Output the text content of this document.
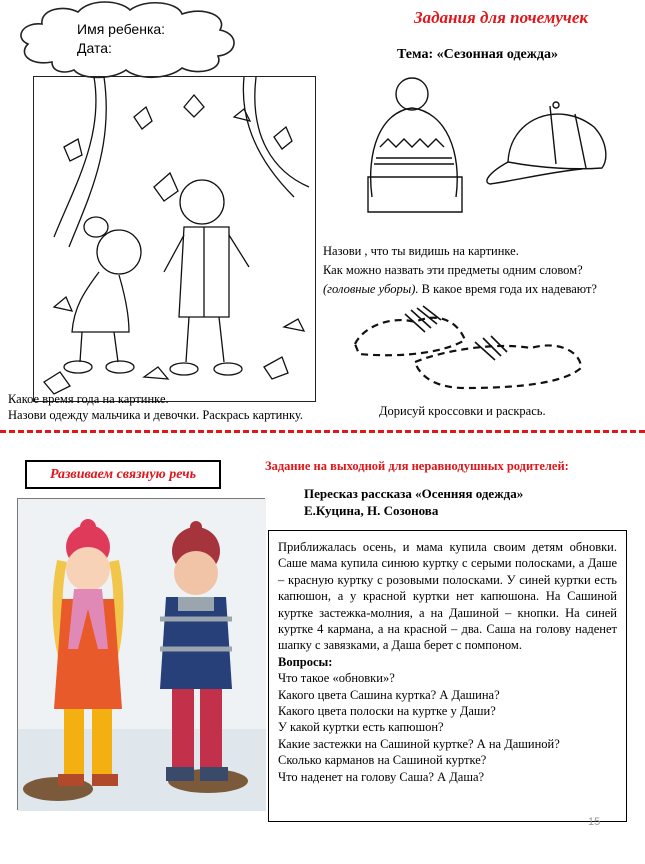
Имя ребенка:
Дата:
Задания для почемучек
Тема: «Сезонная одежда»
Назови , что ты видишь на картинке.
Как можно назвать эти предметы одним словом?
(головные уборы). В какое время года их надевают?
Какое время года на картинке.
Назови одежду мальчика и девочки. Раскрась картинку.	Дорисуй кроссовки и раскрась.
Развиваем связную речь
Задание на выходной для неравнодушных родителей:
Пересказ рассказа «Осенняя одежда»
Е.Куцина, Н. Созонова

Приближалась осень, и мама купила своим детям обновки. Саше мама купила синюю куртку с серыми полосками, а Даше – красную куртку с розовыми полосками. У синей куртки есть капюшон, а у красной куртки нет капюшона. На Сашиной куртке застежка-молния, а на Дашиной – кнопки. На синей куртке 4 кармана, а на красной – два. Саша на голову наденет шапку с завязками, а Даша берет с помпоном.

Вопросы:
Что такое «обновки»?
Какого цвета Сашина куртка? А Дашина?
Какого цвета полоски на куртке у Даши?
У какой куртки есть капюшон?
Какие застежки на Сашиной куртке? А на Дашиной?
Сколько карманов на Сашиной куртке?
Что наденет на голову Саша? А Даша?
15
